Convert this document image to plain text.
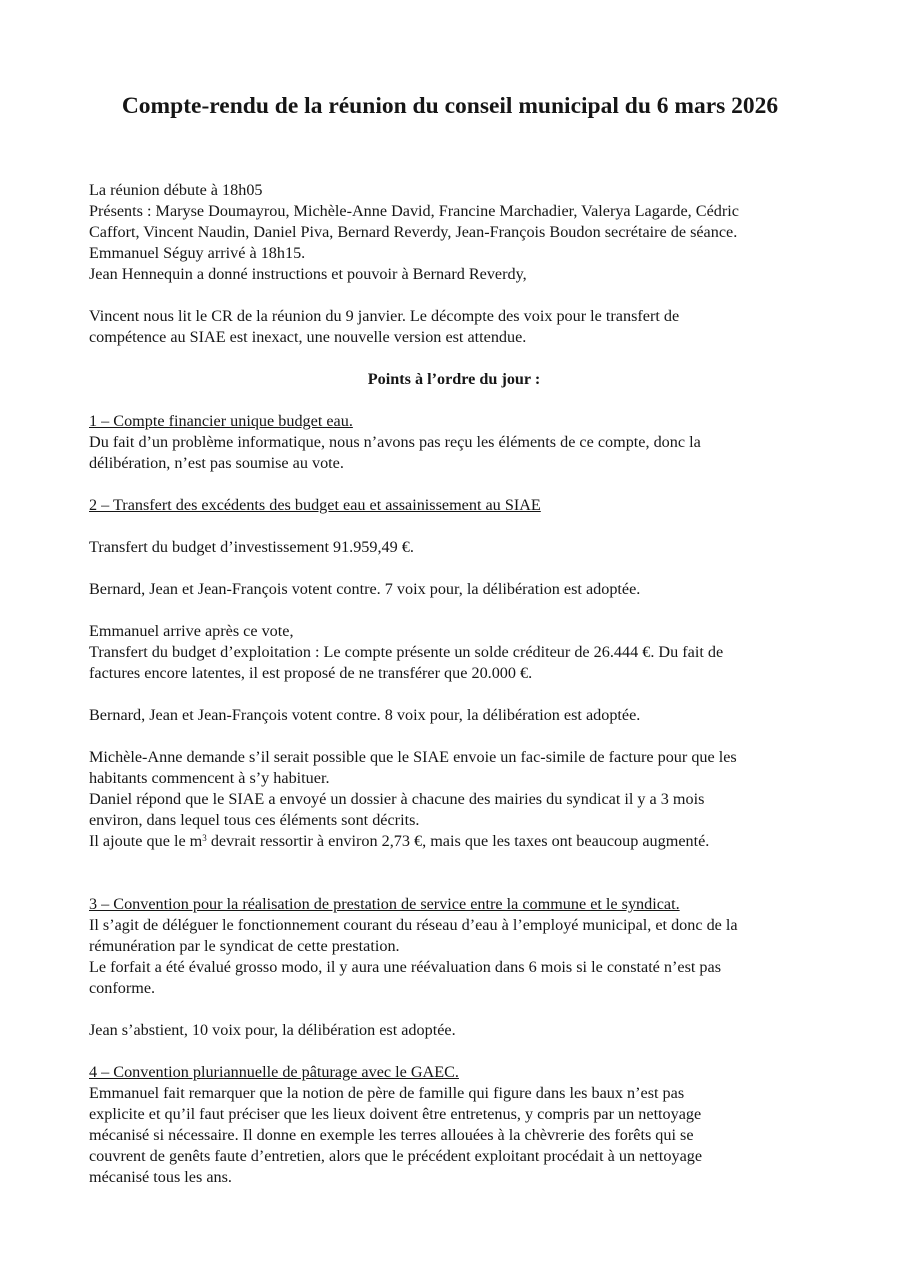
Compte-rendu de la réunion du conseil municipal du 6 mars 2026
La réunion débute à 18h05
Présents : Maryse Doumayrou, Michèle-Anne David, Francine Marchadier, Valerya Lagarde, Cédric
Caffort, Vincent Naudin, Daniel Piva, Bernard Reverdy, Jean-François Boudon secrétaire de séance.
Emmanuel Séguy arrivé à 18h15.
Jean Hennequin a donné instructions et pouvoir à Bernard Reverdy,
Vincent nous lit le CR de la réunion du 9 janvier. Le décompte des voix pour le transfert de
compétence au SIAE est inexact, une nouvelle version est attendue.
Points à l’ordre du jour :
1 – Compte financier unique budget eau.
Du fait d’un problème informatique, nous n’avons pas reçu les éléments de ce compte, donc la
délibération, n’est pas soumise au vote.
2 – Transfert des excédents des budget eau et assainissement au SIAE
Transfert du budget d’investissement 91.959,49 €.
Bernard, Jean et Jean-François votent contre. 7 voix pour, la délibération est adoptée.
Emmanuel arrive après ce vote,
Transfert du budget d’exploitation : Le compte présente un solde créditeur de 26.444 €. Du fait de
factures encore latentes, il est proposé de ne transférer que 20.000 €.
Bernard, Jean et Jean-François votent contre. 8 voix pour, la délibération est adoptée.
Michèle-Anne demande s’il serait possible que le SIAE envoie un fac-simile de facture pour que les
habitants commencent à s’y habituer.
Daniel répond que le SIAE a envoyé un dossier à chacune des mairies du syndicat il y a 3 mois
environ, dans lequel tous ces éléments sont décrits.
Il ajoute que le $m^3$ devrait ressortir à environ 2,73 €, mais que les taxes ont beaucoup augmenté.
3 – Convention pour la réalisation de prestation de service entre la commune et le syndicat.
Il s’agit de déléguer le fonctionnement courant du réseau d’eau à l’employé municipal, et donc de la
rémunération par le syndicat de cette prestation.
Le forfait a été évalué grosso modo, il y aura une réévaluation dans 6 mois si le constaté n’est pas
conforme.
Jean s’abstient, 10 voix pour, la délibération est adoptée.
4 – Convention pluriannuelle de pâturage avec le GAEC.
Emmanuel fait remarquer que la notion de père de famille qui figure dans les baux n’est pas
explicite et qu’il faut préciser que les lieux doivent être entretenus, y compris par un nettoyage
mécanisé si nécessaire. Il donne en exemple les terres allouées à la chèvrerie des forêts qui se
couvrent de genêts faute d’entretien, alors que le précédent exploitant procédait à un nettoyage
mécanisé tous les ans.
